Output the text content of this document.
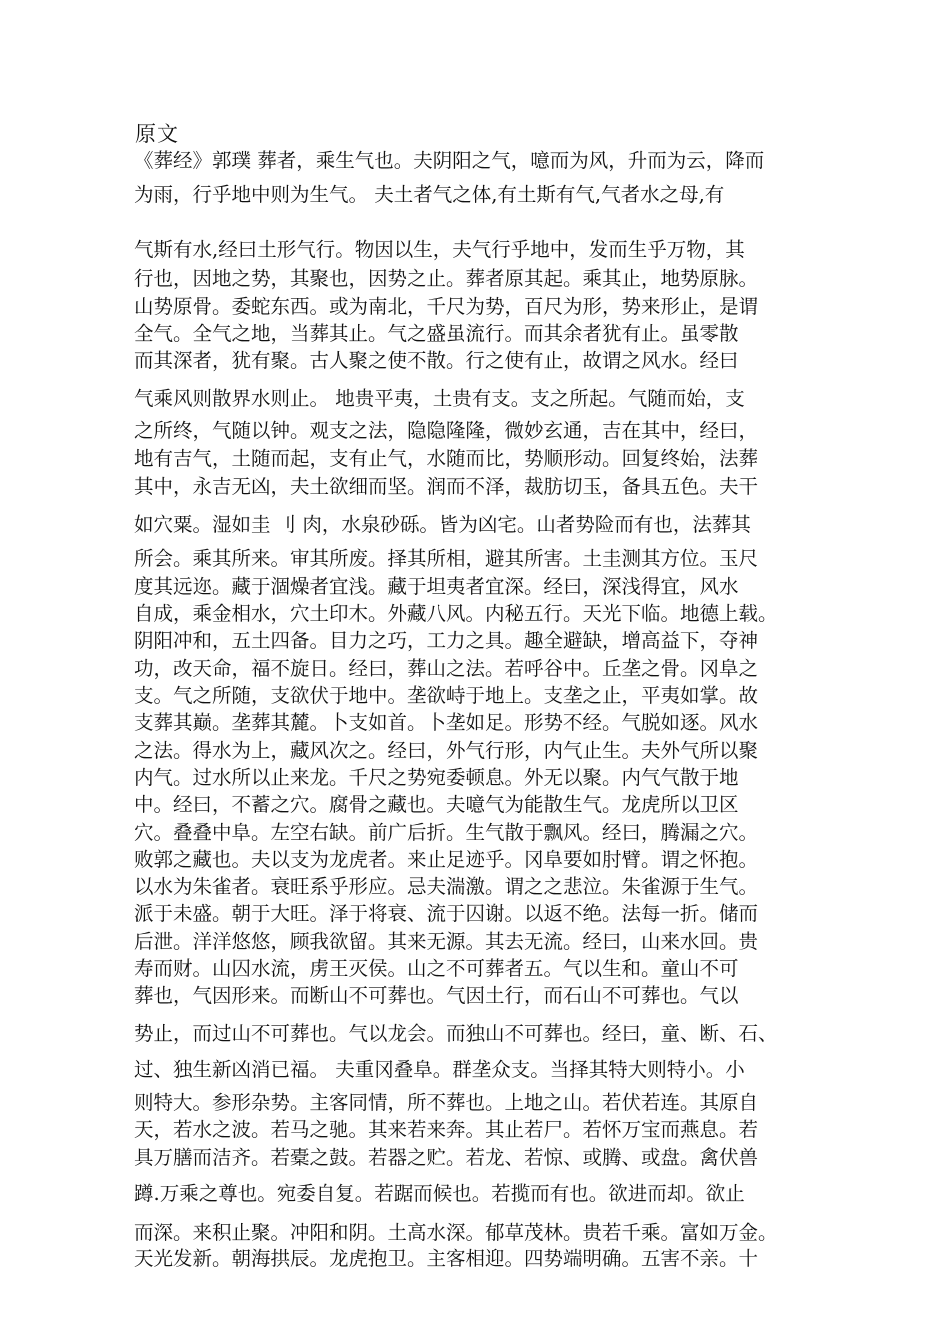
原文
《葬经》郭璞 葬者，乘生气也。夫阴阳之气，噫而为风，升而为云，降而
为雨，行乎地中则为生气。 夫土者气之体,有土斯有气,气者水之母,有
气斯有水,经曰土形气行。物因以生，夫气行乎地中，发而生乎万物，其
行也，因地之势，其聚也，因势之止。葬者原其起。乘其止，地势原脉。
山势原骨。委蛇东西。或为南北，千尺为势，百尺为形，势来形止，是谓
全气。全气之地，当葬其止。气之盛虽流行。而其余者犹有止。虽零散
而其深者，犹有聚。古人聚之使不散。行之使有止，故谓之风水。经曰
气乘风则散界水则止。 地贵平夷，土贵有支。支之所起。气随而始，支
之所终，气随以钟。观支之法，隐隐隆隆，微妙玄通，吉在其中，经曰，
地有吉气，土随而起，支有止气，水随而比，势顺形动。回复终始，法葬
其中，永吉无凶，夫土欲细而坚。润而不泽，裁肪切玉，备具五色。夫干
如穴粟。湿如圭 刂 肉，水泉砂砾。皆为凶宅。山者势险而有也，法葬其
所会。乘其所来。审其所废。择其所相，避其所害。土圭测其方位。玉尺
度其远迩。藏于涸燥者宜浅。藏于坦夷者宜深。经曰，深浅得宜，风水
自成，乘金相水，穴土印木。外藏八风。内秘五行。天光下临。地德上载。
阴阳冲和，五土四备。目力之巧，工力之具。趣全避缺，增高益下，夺神
功，改天命，福不旋日。经曰，葬山之法。若呼谷中。丘垄之骨。冈阜之
支。气之所随，支欲伏于地中。垄欲峙于地上。支垄之止，平夷如掌。故
支葬其巅。垄葬其麓。卜支如首。卜垄如足。形势不经。气脱如逐。风水
之法。得水为上，藏风次之。经曰，外气行形，内气止生。夫外气所以聚
内气。过水所以止来龙。千尺之势宛委顿息。外无以聚。内气气散于地
中。经曰，不蓄之穴。腐骨之藏也。夫噫气为能散生气。龙虎所以卫区
穴。叠叠中阜。左空右缺。前广后折。生气散于飘风。经曰，腾漏之穴。
败郭之藏也。夫以支为龙虎者。来止足迹乎。冈阜要如肘臂。谓之怀抱。
以水为朱雀者。衰旺系乎形应。忌夫湍激。谓之之悲泣。朱雀源于生气。
派于未盛。朝于大旺。泽于将衰、流于囚谢。以返不绝。法每一折。储而
后泄。洋洋悠悠，顾我欲留。其来无源。其去无流。经曰，山来水回。贵
寿而财。山囚水流，虏王灭侯。山之不可葬者五。气以生和。童山不可
葬也，气因形来。而断山不可葬也。气因土行，而石山不可葬也。气以
势止，而过山不可葬也。气以龙会。而独山不可葬也。经曰，童、断、石、
过、独生新凶消已福。 夫重冈叠阜。群垄众支。当择其特大则特小。小
则特大。参形杂势。主客同情，所不葬也。上地之山。若伏若连。其原自
天，若水之波。若马之驰。其来若来奔。其止若尸。若怀万宝而燕息。若
具万膳而洁齐。若橐之鼓。若器之贮。若龙、若惊、或腾、或盘。禽伏兽
蹲.万乘之尊也。宛委自复。若踞而候也。若揽而有也。欲进而却。欲止
而深。来积止聚。冲阳和阴。土高水深。郁草茂林。贵若千乘。富如万金。
天光发新。朝海拱辰。龙虎抱卫。主客相迎。四势端明确。五害不亲。十
